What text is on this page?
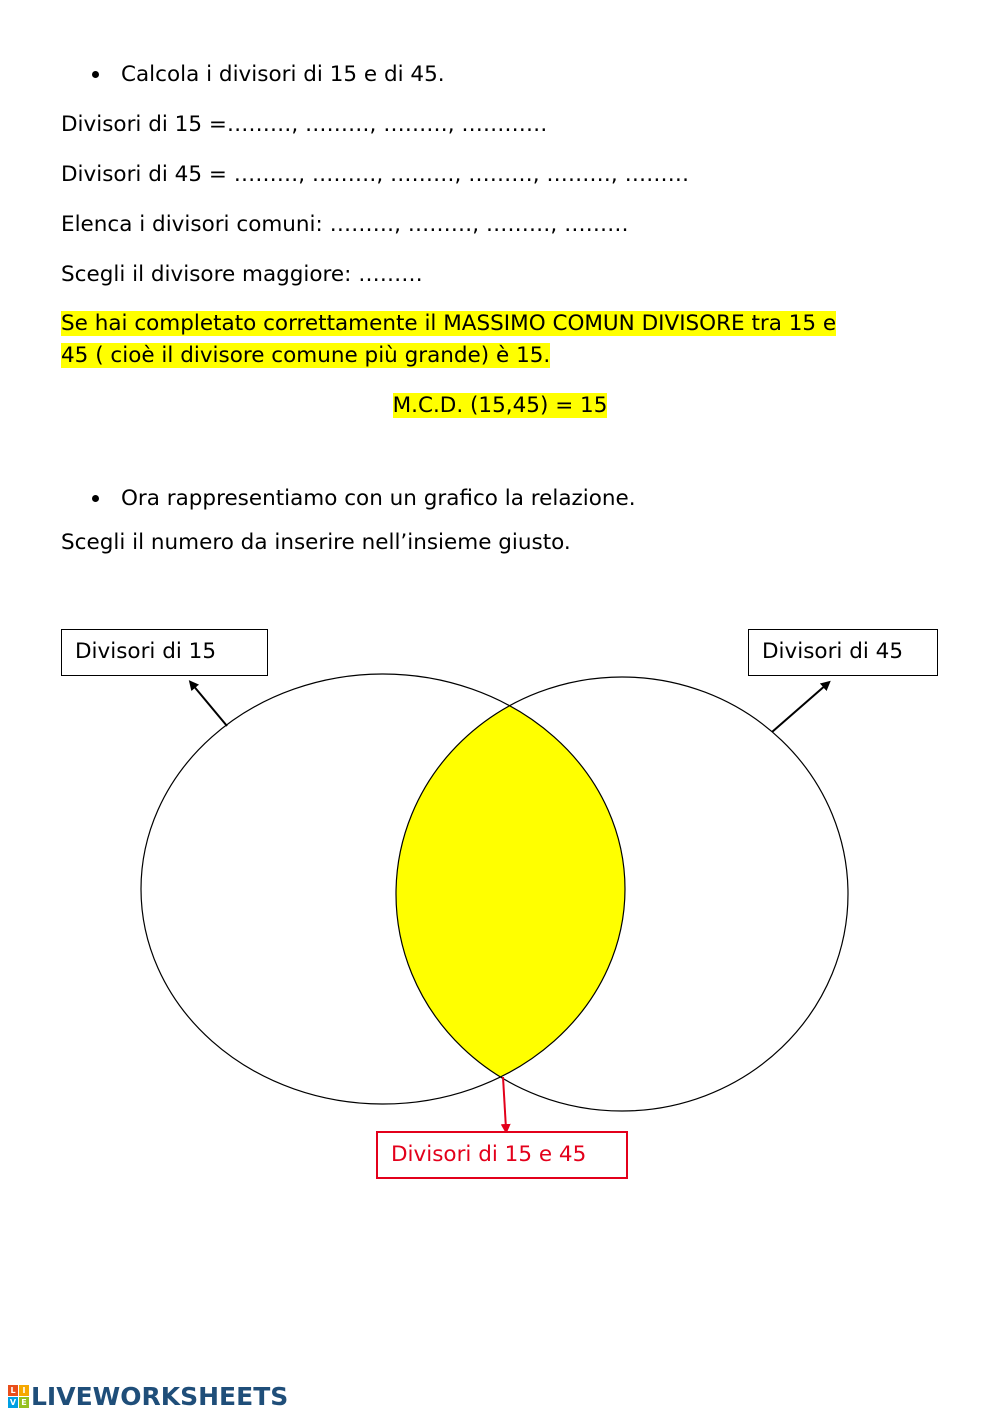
Calcola i divisori di 15 e di 45.
Divisori di 15 =………, ………, ………, …………
Divisori di 45 = ………, ………, ………, ………, ………, ………
Elenca i divisori comuni: ………, ………, ………, ………
Scegli il divisore maggiore: ………
Se hai completato correttamente il MASSIMO COMUN DIVISORE tra 15 e
45 ( cioè il divisore comune più grande) è 15.
M.C.D. (15,45) = 15
Ora rappresentiamo con un grafico la relazione.
Scegli il numero da inserire nell’insieme giusto.
Divisori di 15	Divisori di 45
Divisori di 15 e 45
L I
V E LIVEWORKSHEETS
